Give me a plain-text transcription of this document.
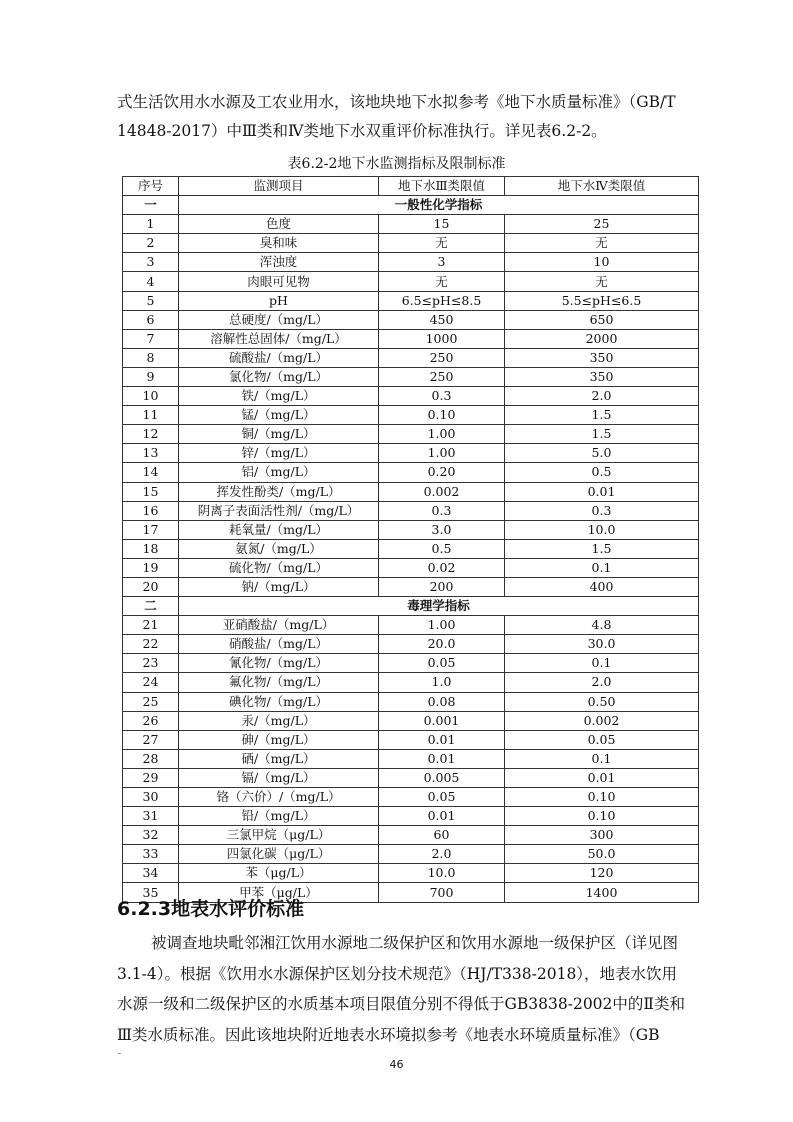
式生活饮用水水源及工农业用水，该地块地下水拟参考《地下水质量标准》（GB/T
14848-2017）中Ⅲ类和Ⅳ类地下水双重评价标准执行。详见表6.2-2。

表6.2-2地下水监测指标及限制标准
序号	监测项目	地下水Ⅲ类限值	地下水Ⅳ类限值
一	一般性化学指标		
1	色度	15	25
2	臭和味	无	无
3	浑浊度	3	10
4	肉眼可见物	无	无
5	pH	6.5≤pH≤8.5	5.5≤pH≤6.5
6	总硬度/（mg/L）	450	650
7	溶解性总固体/（mg/L）	1000	2000
8	硫酸盐/（mg/L）	250	350
9	氯化物/（mg/L）	250	350
10	铁/（mg/L）	0.3	2.0
11	锰/（mg/L）	0.10	1.5
12	铜/（mg/L）	1.00	1.5
13	锌/（mg/L）	1.00	5.0
14	铝/（mg/L）	0.20	0.5
15	挥发性酚类/（mg/L）	0.002	0.01
16	阴离子表面活性剂/（mg/L）	0.3	0.3
17	耗氧量/（mg/L）	3.0	10.0
18	氨氮/（mg/L）	0.5	1.5
19	硫化物/（mg/L）	0.02	0.1
20	钠/（mg/L）	200	400
二	毒理学指标		
21	亚硝酸盐/（mg/L）	1.00	4.8
22	硝酸盐/（mg/L）	20.0	30.0
23	氰化物/（mg/L）	0.05	0.1
24	氟化物/（mg/L）	1.0	2.0
25	碘化物/（mg/L）	0.08	0.50
26	汞/（mg/L）	0.001	0.002
27	砷/（mg/L）	0.01	0.05
28	硒/（mg/L）	0.01	0.1
29	镉/（mg/L）	0.005	0.01
30	铬（六价）/（mg/L）	0.05	0.10
31	铅/（mg/L）	0.01	0.10
32	三氯甲烷（μg/L）	60	300
33	四氯化碳（μg/L）	2.0	50.0
34	苯（μg/L）	10.0	120
35	甲苯（μg/L）	700	1400
6.2.3地表水评价标准

被调查地块毗邻湘江饮用水源地二级保护区和饮用水源地一级保护区（详见图3.1-4）。根据《饮用水水源保护区划分技术规范》（HJ/T338-2018），地表水饮用水源一级和二级保护区的水质基本项目限值分别不得低于GB3838-2002中的Ⅱ类和Ⅲ类水质标准。因此该地块附近地表水环境拟参考《地表水环境质量标准》（GB

46
